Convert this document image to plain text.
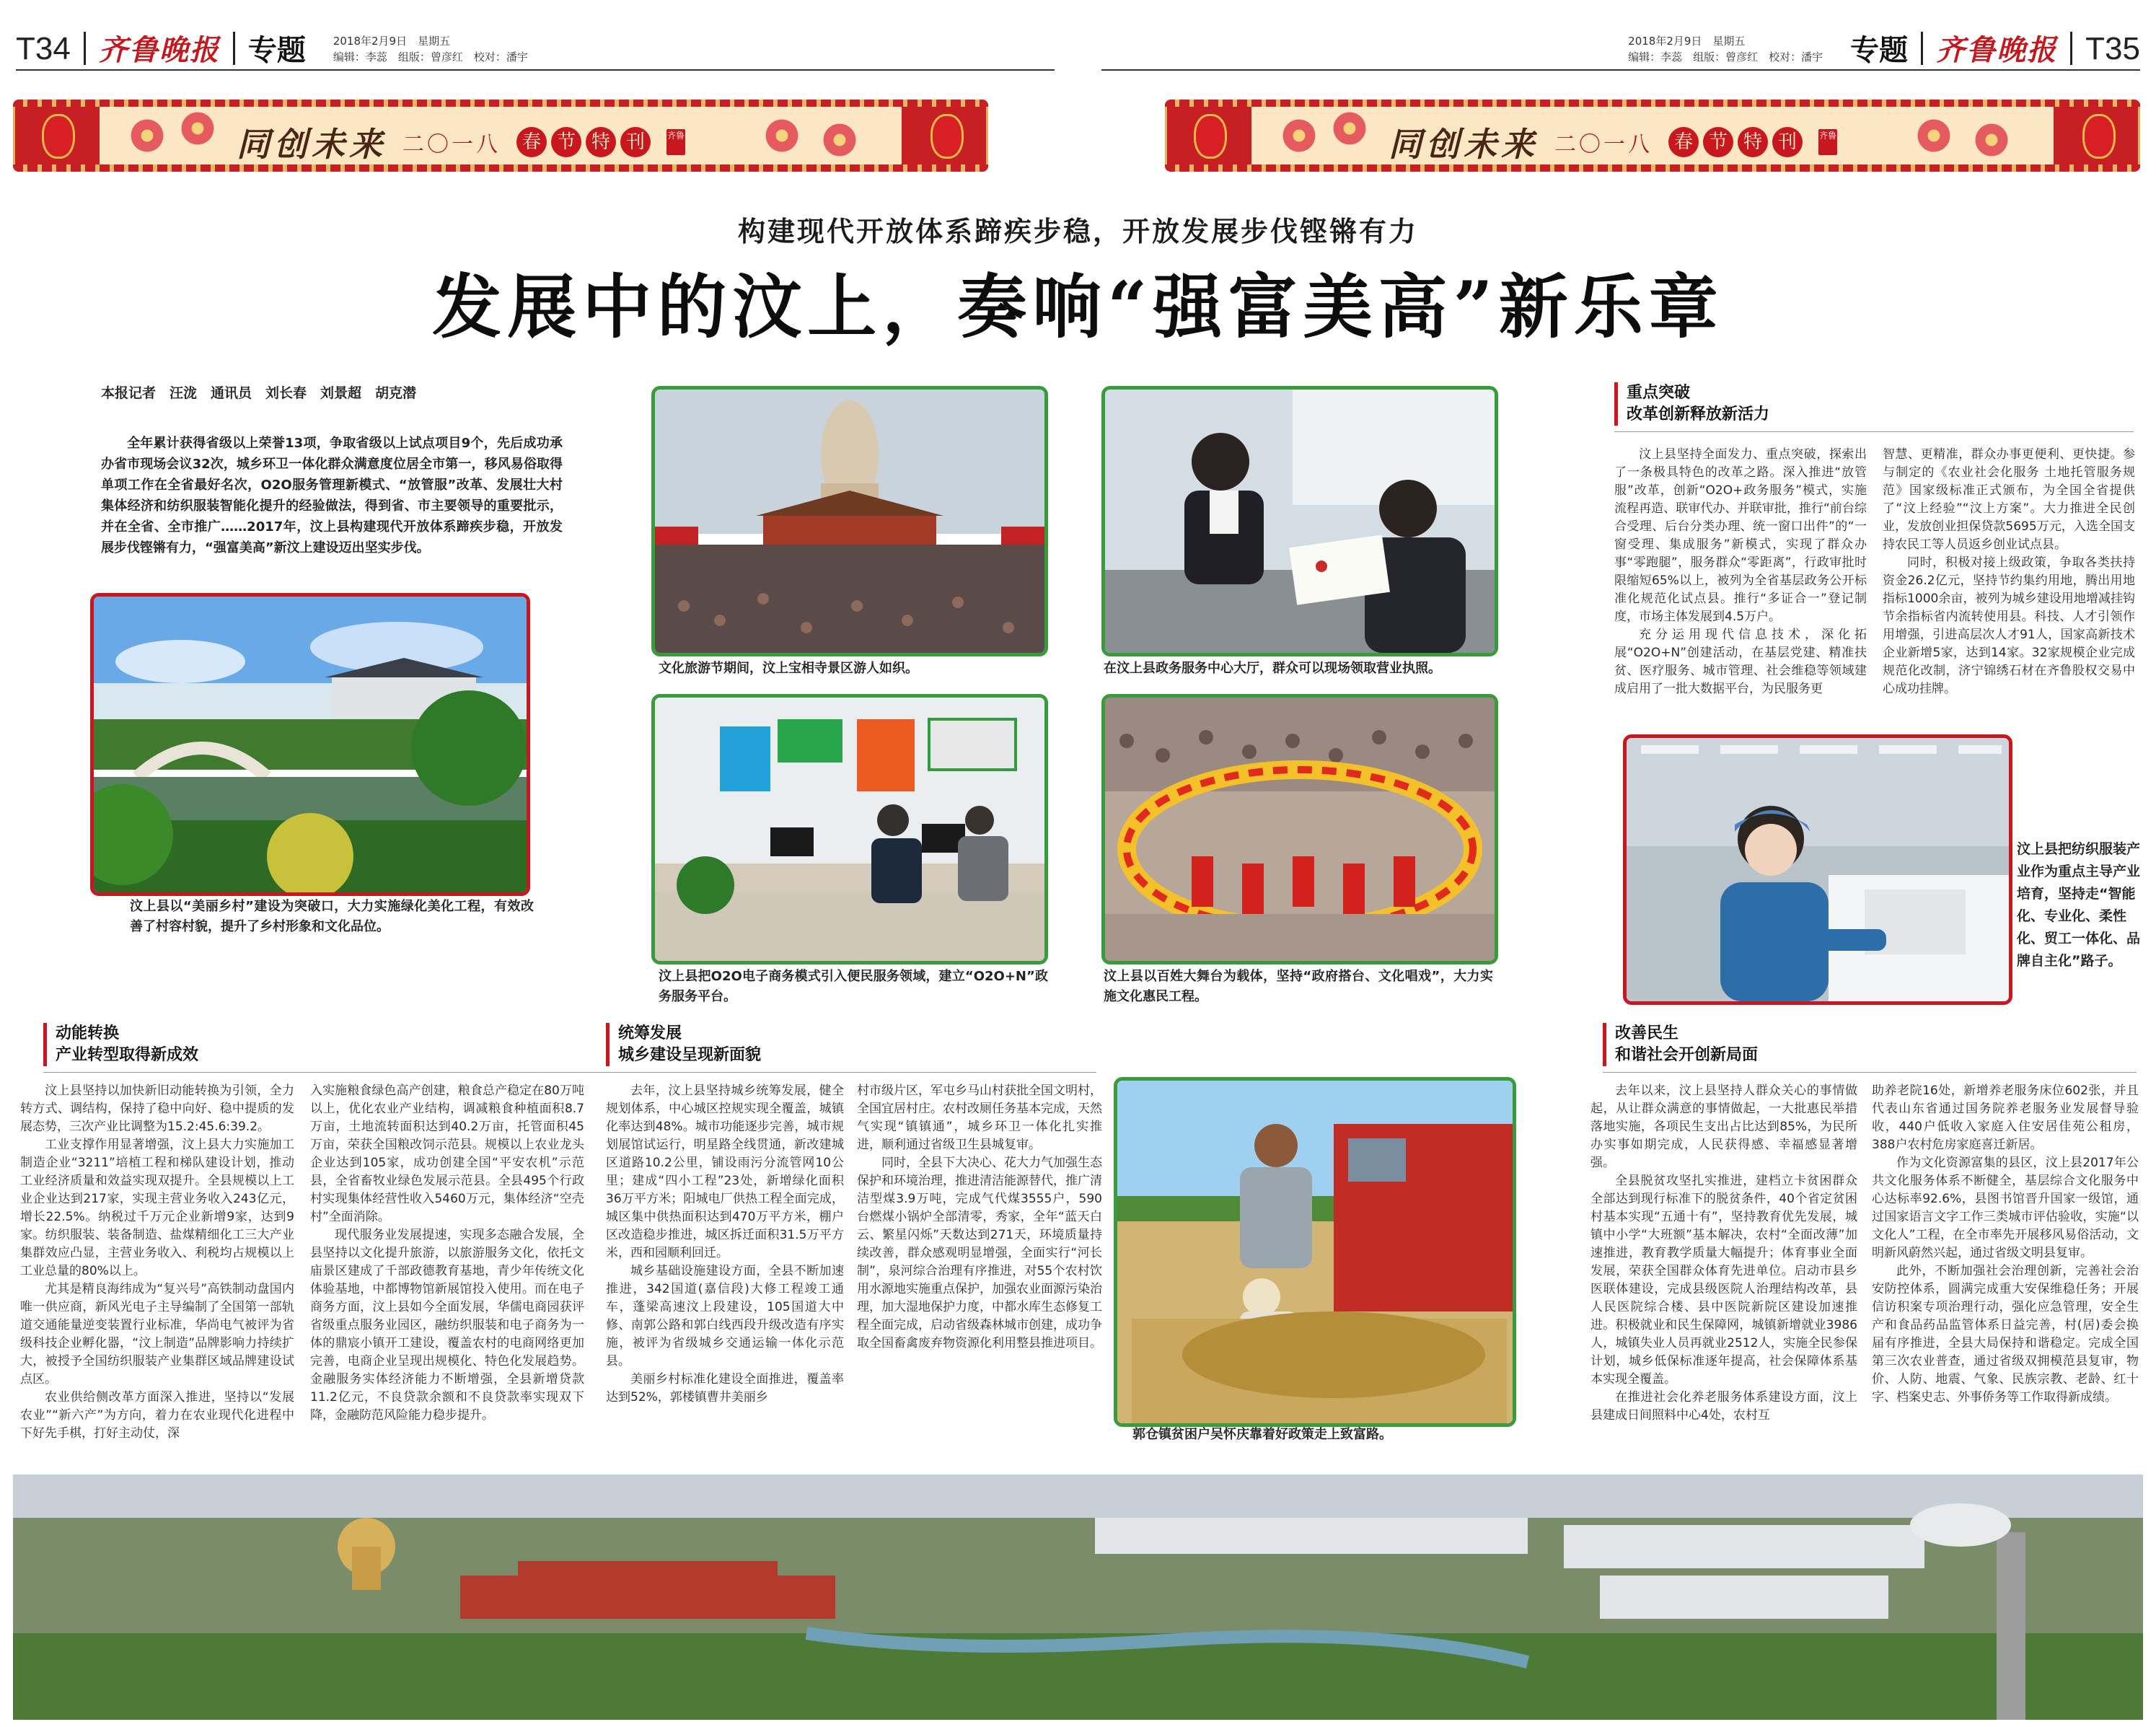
T34 齐鲁晚报 专题	2018年2月9日　星期五
编辑：李蕊　组版：曾彦红　校对：潘宇
2018年2月9日　星期五
编辑：李蕊　组版：曾彦红　校对：潘宇 专题 齐鲁晚报 T35
同创未来 二〇一八	春 节 特 刊	齐鲁	同创未来 二〇一八	春 节 特 刊	齐鲁
构建现代开放体系蹄疾步稳，开放发展步伐铿锵有力
发展中的汶上，奏响“强富美高”新乐章
本报记者　汪泷　通讯员　刘长春　刘景超　胡克潜
全年累计获得省级以上荣誉13项，争取省级以上试点项目9个，先后成功承办省市现场会议32次，城乡环卫一体化群众满意度位居全市第一，移风易俗取得单项工作在全省最好名次，O2O服务管理新模式、“放管服”改革、发展壮大村集体经济和纺织服装智能化提升的经验做法，得到省、市主要领导的重要批示，并在全省、全市推广……2017年，汶上县构建现代开放体系蹄疾步稳，开放发展步伐铿锵有力，“强富美高”新汶上建设迈出坚实步伐。
汶上县以“美丽乡村”建设为突破口，大力实施绿化美化工程，有效改善了村容村貌，提升了乡村形象和文化品位。
文化旅游节期间，汶上宝相寺景区游人如织。	在汶上县政务服务中心大厅，群众可以现场领取营业执照。
汶上县把O2O电子商务模式引入便民服务领域，建立“O2O+N”政务服务平台。
汶上县以百姓大舞台为载体，坚持“政府搭台、文化唱戏”，大力实施文化惠民工程。
汶上县把纺织服装产业作为重点主导产业培育，坚持走“智能化、专业化、柔性化、贸工一体化、品牌自主化”路子。
郭仓镇贫困户吴怀庆靠着好政策走上致富路。
重点突破
改革创新释放新活力

汶上县坚持全面发力、重点突破，探索出了一条极具特色的改革之路。深入推进“放管服”改革，创新“O2O+政务服务”模式，实施流程再造、联审代办、并联审批，推行“前台综合受理、后台分类办理、统一窗口出件”的“一窗受理、集成服务”新模式，实现了群众办事“零跑腿”，服务群众“零距离”，行政审批时限缩短65%以上，被列为全省基层政务公开标准化规范化试点县。推行“多证合一”登记制度，市场主体发展到4.5万户。

充分运用现代信息技术，深化拓展“O2O+N”创建活动，在基层党建、精准扶贫、医疗服务、城市管理、社会维稳等领域建成启用了一批大数据平台，为民服务更

智慧、更精准，群众办事更便利、更快捷。参与制定的《农业社会化服务 土地托管服务规范》国家级标准正式颁布，为全国全省提供了“汶上经验”“汶上方案”。大力推进全民创业，发放创业担保贷款5695万元，入选全国支持农民工等人员返乡创业试点县。

同时，积极对接上级政策，争取各类扶持资金26.2亿元，坚持节约集约用地，腾出用地指标1000余亩，被列为城乡建设用地增减挂钩节余指标省内流转使用县。科技、人才引领作用增强，引进高层次人才91人，国家高新技术企业新增5家，达到14家。32家规模企业完成规范化改制，济宁锦绣石材在齐鲁股权交易中心成功挂牌。

动能转换
产业转型取得新成效

汶上县坚持以加快新旧动能转换为引领，全力转方式、调结构，保持了稳中向好、稳中提质的发展态势，三次产业比调整为15.2:45.6:39.2。

工业支撑作用显著增强，汶上县大力实施加工制造企业“3211”培植工程和梯队建设计划，推动工业经济质量和效益实现双提升。全县规模以上工业企业达到217家，实现主营业务收入243亿元，增长22.5%。纳税过千万元企业新增9家，达到9家。纺织服装、装备制造、盐煤精细化工三大产业集群效应凸显，主营业务收入、利税均占规模以上工业总量的80%以上。

尤其是精良海纬成为“复兴号”高铁制动盘国内唯一供应商，新风光电子主导编制了全国第一部轨道交通能量逆变装置行业标准，华尚电气被评为省级科技企业孵化器，“汶上制造”品牌影响力持续扩大，被授予全国纺织服装产业集群区域品牌建设试点区。

农业供给侧改革方面深入推进，坚持以“发展农业”“新六产”为方向，着力在农业现代化进程中下好先手棋，打好主动仗，深

入实施粮食绿色高产创建，粮食总产稳定在80万吨以上，优化农业产业结构，调减粮食种植面积8.7万亩，土地流转面积达到40.2万亩，托管面积45万亩，荣获全国粮改饲示范县。规模以上农业龙头企业达到105家，成功创建全国“平安农机”示范县，全省畜牧业绿色发展示范县。全县495个行政村实现集体经营性收入5460万元，集体经济“空壳村”全面消除。

现代服务业发展提速，实现多态融合发展，全县坚持以文化提升旅游，以旅游服务文化，依托文庙景区建成了千部政德教育基地，青少年传统文化体验基地，中都博物馆新展馆投入使用。而在电子商务方面，汶上县如今全面发展，华儒电商园获评省级重点服务业园区，融纺织服装和电子商务为一体的鼎宸小镇开工建设，覆盖农村的电商网络更加完善，电商企业呈现出规模化、特色化发展趋势。金融服务实体经济能力不断增强，全县新增贷款11.2亿元，不良贷款余额和不良贷款率实现双下降，金融防范风险能力稳步提升。

统筹发展
城乡建设呈现新面貌

去年，汶上县坚持城乡统筹发展，健全规划体系，中心城区控规实现全覆盖，城镇化率达到48%。城市功能逐步完善，城市规划展馆试运行，明星路全线贯通，新改建城区道路10.2公里，铺设雨污分流管网10公里；建成“四小工程”23处，新增绿化面积36万平方米；阳城电厂供热工程全面完成，城区集中供热面积达到470万平方米，棚户区改造稳步推进，城区拆迁面积31.5万平方米，西和园顺利回迁。

城乡基础设施建设方面，全县不断加速推进，342国道(嘉信段)大修工程竣工通车，蓬梁高速汶上段建设，105国道大中修、南郭公路和郭白线西段升级改造有序实施，被评为省级城乡交通运输一体化示范县。

美丽乡村标准化建设全面推进，覆盖率达到52%，郭楼镇曹井美丽乡

村市级片区，军屯乡马山村获批全国文明村，全国宜居村庄。农村改厕任务基本完成，天然气实现“镇镇通”，城乡环卫一体化扎实推进，顺利通过省级卫生县城复审。

同时，全县下大决心、花大力气加强生态保护和环境治理，推进清洁能源替代，推广清洁型煤3.9万吨，完成气代煤3555户，590台燃煤小锅炉全部清零，秀家，全年“蓝天白云、繁星闪烁”天数达到271天，环境质量持续改善，群众感观明显增强，全面实行“河长制”，泉河综合治理有序推进，对55个农村饮用水源地实施重点保护，加强农业面源污染治理，加大湿地保护力度，中都水库生态修复工程全面完成，启动省级森林城市创建，成功争取全国畜禽废弃物资源化利用整县推进项目。

改善民生
和谐社会开创新局面

去年以来，汶上县坚持人群众关心的事情做起，从让群众满意的事情做起，一大批惠民举措落地实施，各项民生支出占比达到85%，为民所办实事如期完成，人民获得感、幸福感显著增强。

全县脱贫攻坚扎实推进，建档立卡贫困群众全部达到现行标准下的脱贫条件，40个省定贫困村基本实现“五通十有”，坚持教育优先发展，城镇中小学“大班额”基本解决，农村“全面改薄”加速推进，教育教学质量大幅提升；体育事业全面发展，荣获全国群众体育先进单位。启动市县乡医联体建设，完成县级医院人治理结构改革，县人民医院综合楼、县中医院新院区建设加速推进。积极就业和民生保障网，城镇新增就业3986人，城镇失业人员再就业2512人，实施全民参保计划，城乡低保标准逐年提高，社会保障体系基本实现全覆盖。

在推进社会化养老服务体系建设方面，汶上县建成日间照料中心4处，农村互

助养老院16处，新增养老服务床位602张，并且代表山东省通过国务院养老服务业发展督导验收，440户低收入家庭入住安居佳苑公租房，388户农村危房家庭喜迁新居。

作为文化资源富集的县区，汶上县2017年公共文化服务体系不断健全，基层综合文化服务中心达标率92.6%，县图书馆晋升国家一级馆，通过国家语言文字工作三类城市评估验收，实施“以文化人”工程，在全市率先开展移风易俗活动，文明新风蔚然兴起，通过省级文明县复审。

此外，不断加强社会治理创新，完善社会治安防控体系，圆满完成重大安保维稳任务；开展信访积案专项治理行动，强化应急管理，安全生产和食品药品监管体系日益完善，村(居)委会换届有序推进，全县大局保持和谐稳定。完成全国第三次农业普查，通过省级双拥模范县复审，物价、人防、地震、气象、民族宗教、老龄、红十字、档案史志、外事侨务等工作取得新成绩。
